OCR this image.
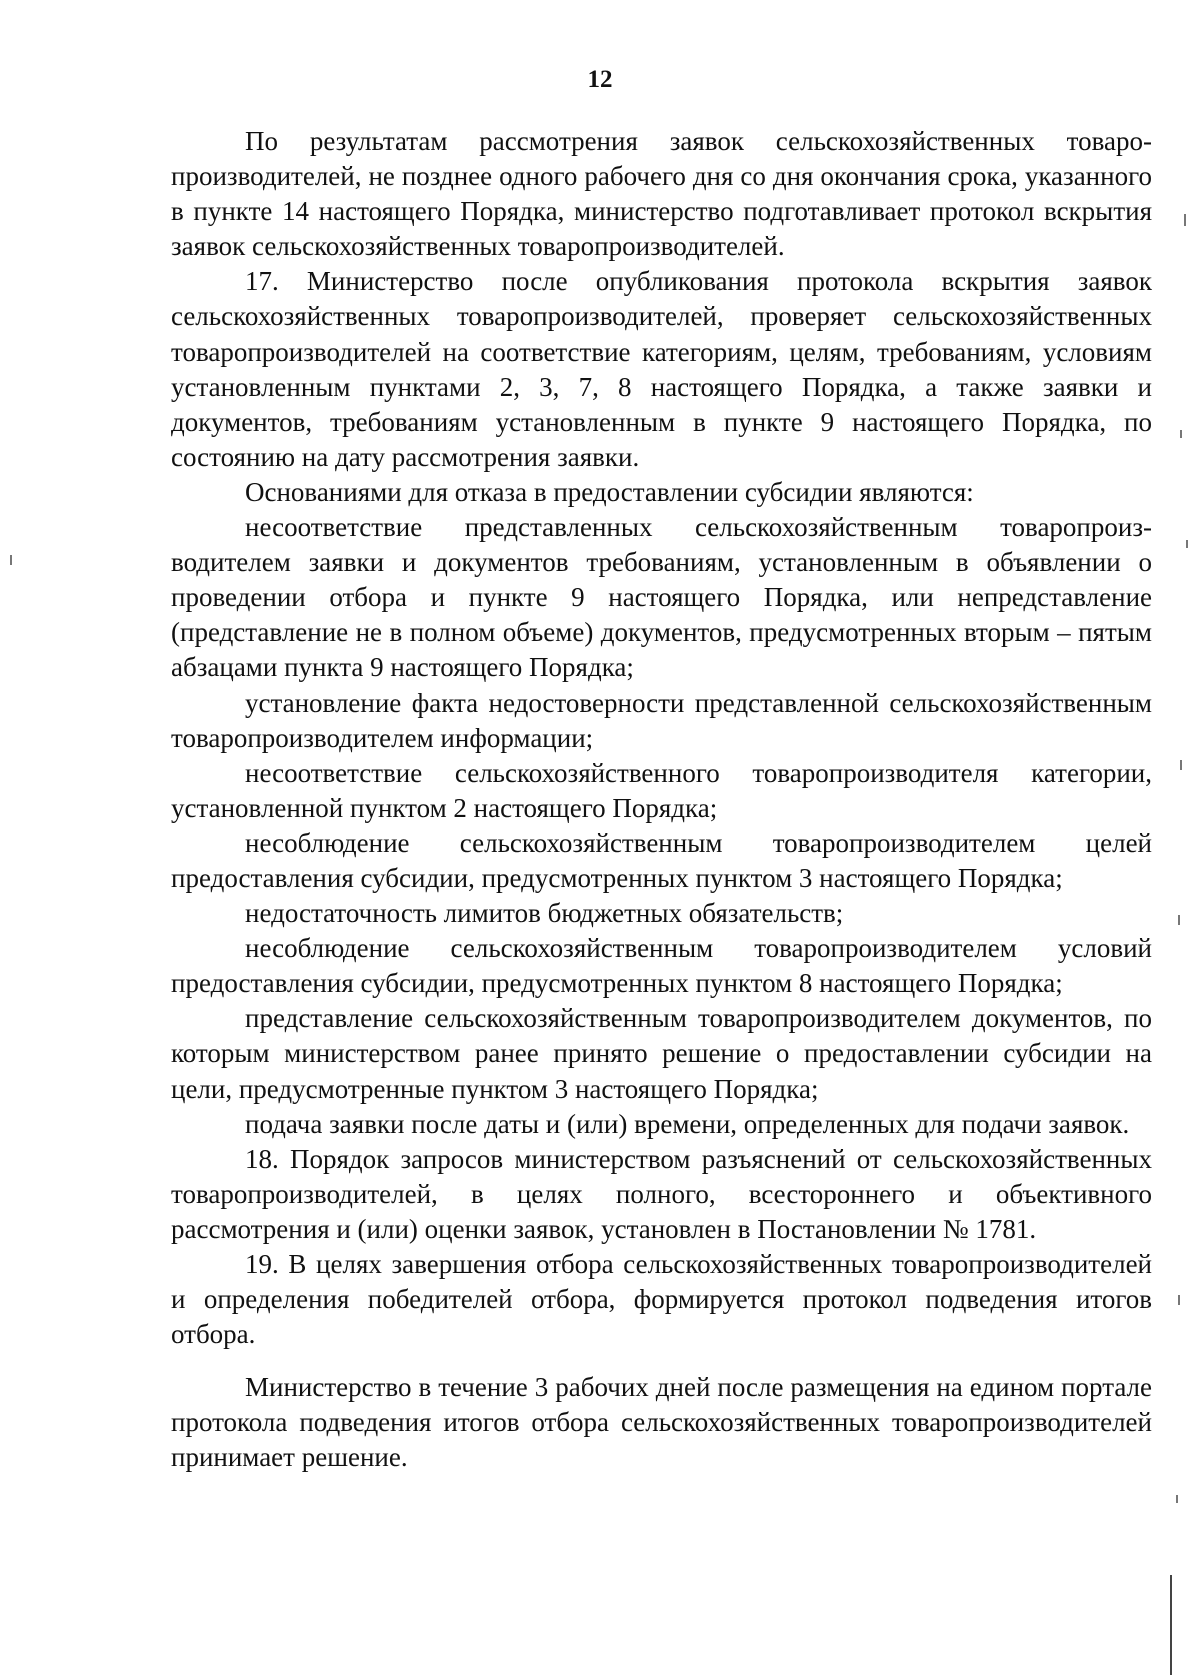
12

По результатам рассмотрения заявок сельскохозяйственных товаропроизводителей, не позднее одного рабочего дня со дня окончания срока, указанного в пункте 14 настоящего Порядка, министерство подготавливает протокол вскрытия заявок сельскохозяйственных товаропроизводителей.

17. Министерство после опубликования протокола вскрытия заявок сельскохозяйственных товаропроизводителей, проверяет сельскохозяйственных товаропроизводителей на соответствие категориям, целям, требованиям, условиям установленным пунктами 2, 3, 7, 8 настоящего Порядка, а также заявки и документов, требованиям установленным в пункте 9 настоящего Порядка, по состоянию на дату рассмотрения заявки.

Основаниями для отказа в предоставлении субсидии являются:

несоответствие представленных сельскохозяйственным товаропроизводителем заявки и документов требованиям, установленным в объявлении о проведении отбора и пункте 9 настоящего Порядка, или непредставление (представление не в полном объеме) документов, предусмотренных вторым – пятым абзацами пункта 9 настоящего Порядка;

установление факта недостоверности представленной сельскохозяйственным товаропроизводителем информации;

несоответствие сельскохозяйственного товаропроизводителя категории, установленной пунктом 2 настоящего Порядка;

несоблюдение сельскохозяйственным товаропроизводителем целей предоставления субсидии, предусмотренных пунктом 3 настоящего Порядка;

недостаточность лимитов бюджетных обязательств;

несоблюдение сельскохозяйственным товаропроизводителем условий предоставления субсидии, предусмотренных пунктом 8 настоящего Порядка;

представление сельскохозяйственным товаропроизводителем документов, по которым министерством ранее принято решение о предоставлении субсидии на цели, предусмотренные пунктом 3 настоящего Порядка;

подача заявки после даты и (или) времени, определенных для подачи заявок.

18. Порядок запросов министерством разъяснений от сельскохозяйственных товаропроизводителей, в целях полного, всестороннего и объективного рассмотрения и (или) оценки заявок, установлен в Постановлении № 1781.

19. В целях завершения отбора сельскохозяйственных товаропроизводителей и определения победителей отбора, формируется протокол подведения итогов отбора.

Министерство в течение 3 рабочих дней после размещения на едином портале протокола подведения итогов отбора сельскохозяйственных товаропроизводителей принимает решение.
